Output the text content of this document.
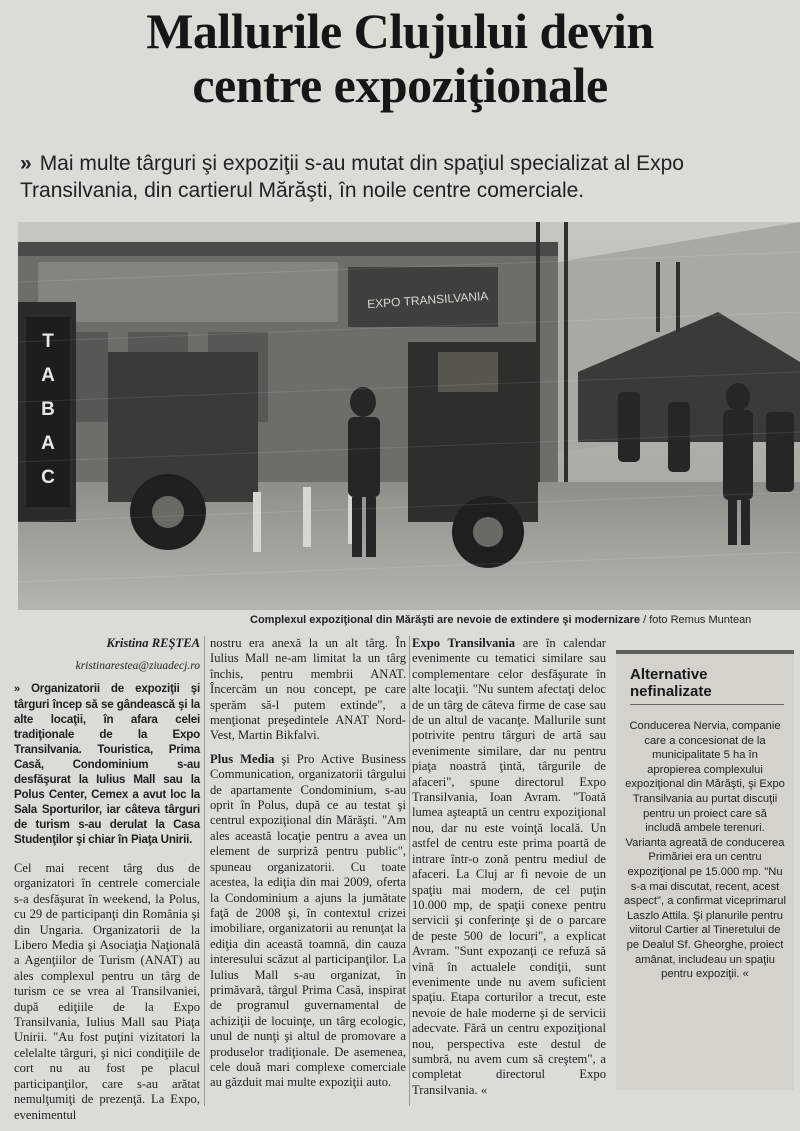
Mallurile Clujului devin
centre expoziţionale
» Mai multe târguri şi expoziţii s-au mutat din spaţiul specializat al Expo Transilvania, din cartierul Mărăşti, în noile centre comerciale.
T A B A C
EXPO TRANSILVANIA
Complexul expoziţional din Mărăşti are nevoie de extindere şi modernizare / foto Remus Muntean

Kristina REŞTEA

kristinarestea@ziuadecj.ro

» Organizatorii de expoziţii şi târguri încep să se gândească şi la alte locaţii, în afara celei tradiţionale de la Expo Transilvania. Touristica, Prima Casă, Condominium s-au desfăşurat la Iulius Mall sau la Polus Center, Cemex a avut loc la Sala Sporturilor, iar câteva târguri de turism s-au derulat la Casa Studenţilor şi chiar în Piaţa Unirii.

Cel mai recent târg dus de organizatori în centrele comerciale s-a desfăşurat în weekend, la Polus, cu 29 de participanţi din România şi din Ungaria. Organizatorii de la Libero Media şi Asociaţia Naţională a Agenţiilor de Turism (ANAT) au ales complexul pentru un târg de turism ce se vrea al Transilvaniei, după ediţiile de la Expo Transilvania, Iulius Mall sau Piaţa Unirii. "Au fost puţini vizitatori la celelalte târguri, şi nici condiţiile de cort nu au fost pe placul participanţilor, care s-au arătat nemulţumiţi de prezenţă. La Expo, evenimentul

nostru era anexă la un alt târg. În Iulius Mall ne-am limitat la un târg închis, pentru membrii ANAT. Încercăm un nou concept, pe care sperăm să-l putem extinde", a menţionat preşedintele ANAT Nord-Vest, Martin Bikfalvi.

Plus Media şi Pro Active Business Communication, organizatorii târgului de apartamente Condominium, s-au oprit în Polus, după ce au testat şi centrul expoziţional din Mărăşti. "Am ales această locaţie pentru a avea un element de surpriză pentru public", spuneau organizatorii. Cu toate acestea, la ediţia din mai 2009, oferta la Condominium a ajuns la jumătate faţă de 2008 şi, în contextul crizei imobiliare, organizatorii au renunţat la ediţia din această toamnă, din cauza interesului scăzut al participanţilor. La Iulius Mall s-au organizat, în primăvară, târgul Prima Casă, inspirat de programul guvernamental de achiziţii de locuinţe, un târg ecologic, unul de nunţi şi altul de promovare a produselor tradiţionale. De asemenea, cele două mari complexe comerciale au găzduit mai multe expoziţii auto.

Expo Transilvania are în calendar evenimente cu tematici similare sau complementare celor desfăşurate în alte locaţii. "Nu suntem afectaţi deloc de un târg de câteva firme de case sau de un altul de vacanţe. Mallurile sunt potrivite pentru târguri de artă sau evenimente similare, dar nu pentru piaţa noastră ţintă, târgurile de afaceri", spune directorul Expo Transilvania, Ioan Avram. "Toată lumea aşteaptă un centru expoziţional nou, dar nu este voinţă locală. Un astfel de centru este prima poartă de intrare într-o zonă pentru mediul de afaceri. La Cluj ar fi nevoie de un spaţiu mai modern, de cel puţin 10.000 mp, de spaţii conexe pentru servicii şi conferinţe şi de o parcare de peste 500 de locuri", a explicat Avram. "Sunt expozanţi ce refuză să vină în actualele condiţii, sunt evenimente unde nu avem suficient spaţiu. Etapa corturilor a trecut, este nevoie de hale moderne şi de servicii adecvate. Fără un centru expoziţional nou, perspectiva este destul de sumbră, nu avem cum să creştem", a completat directorul Expo Transilvania. «

Alternative nefinalizate
Conducerea Nervia, companie care a concesionat de la municipalitate 5 ha în apropierea complexului expoziţional din Mărăşti, şi Expo Transilvania au purtat discuţii pentru un proiect care să includă ambele terenuri. Varianta agreată de conducerea Primăriei era un centru expoziţional pe 15.000 mp. "Nu s-a mai discutat, recent, acest aspect", a confirmat viceprimarul Laszlo Attila. Şi planurile pentru viitorul Cartier al Tineretului de pe Dealul Sf. Gheorghe, proiect amânat, includeau un spaţiu pentru expoziţii. «
